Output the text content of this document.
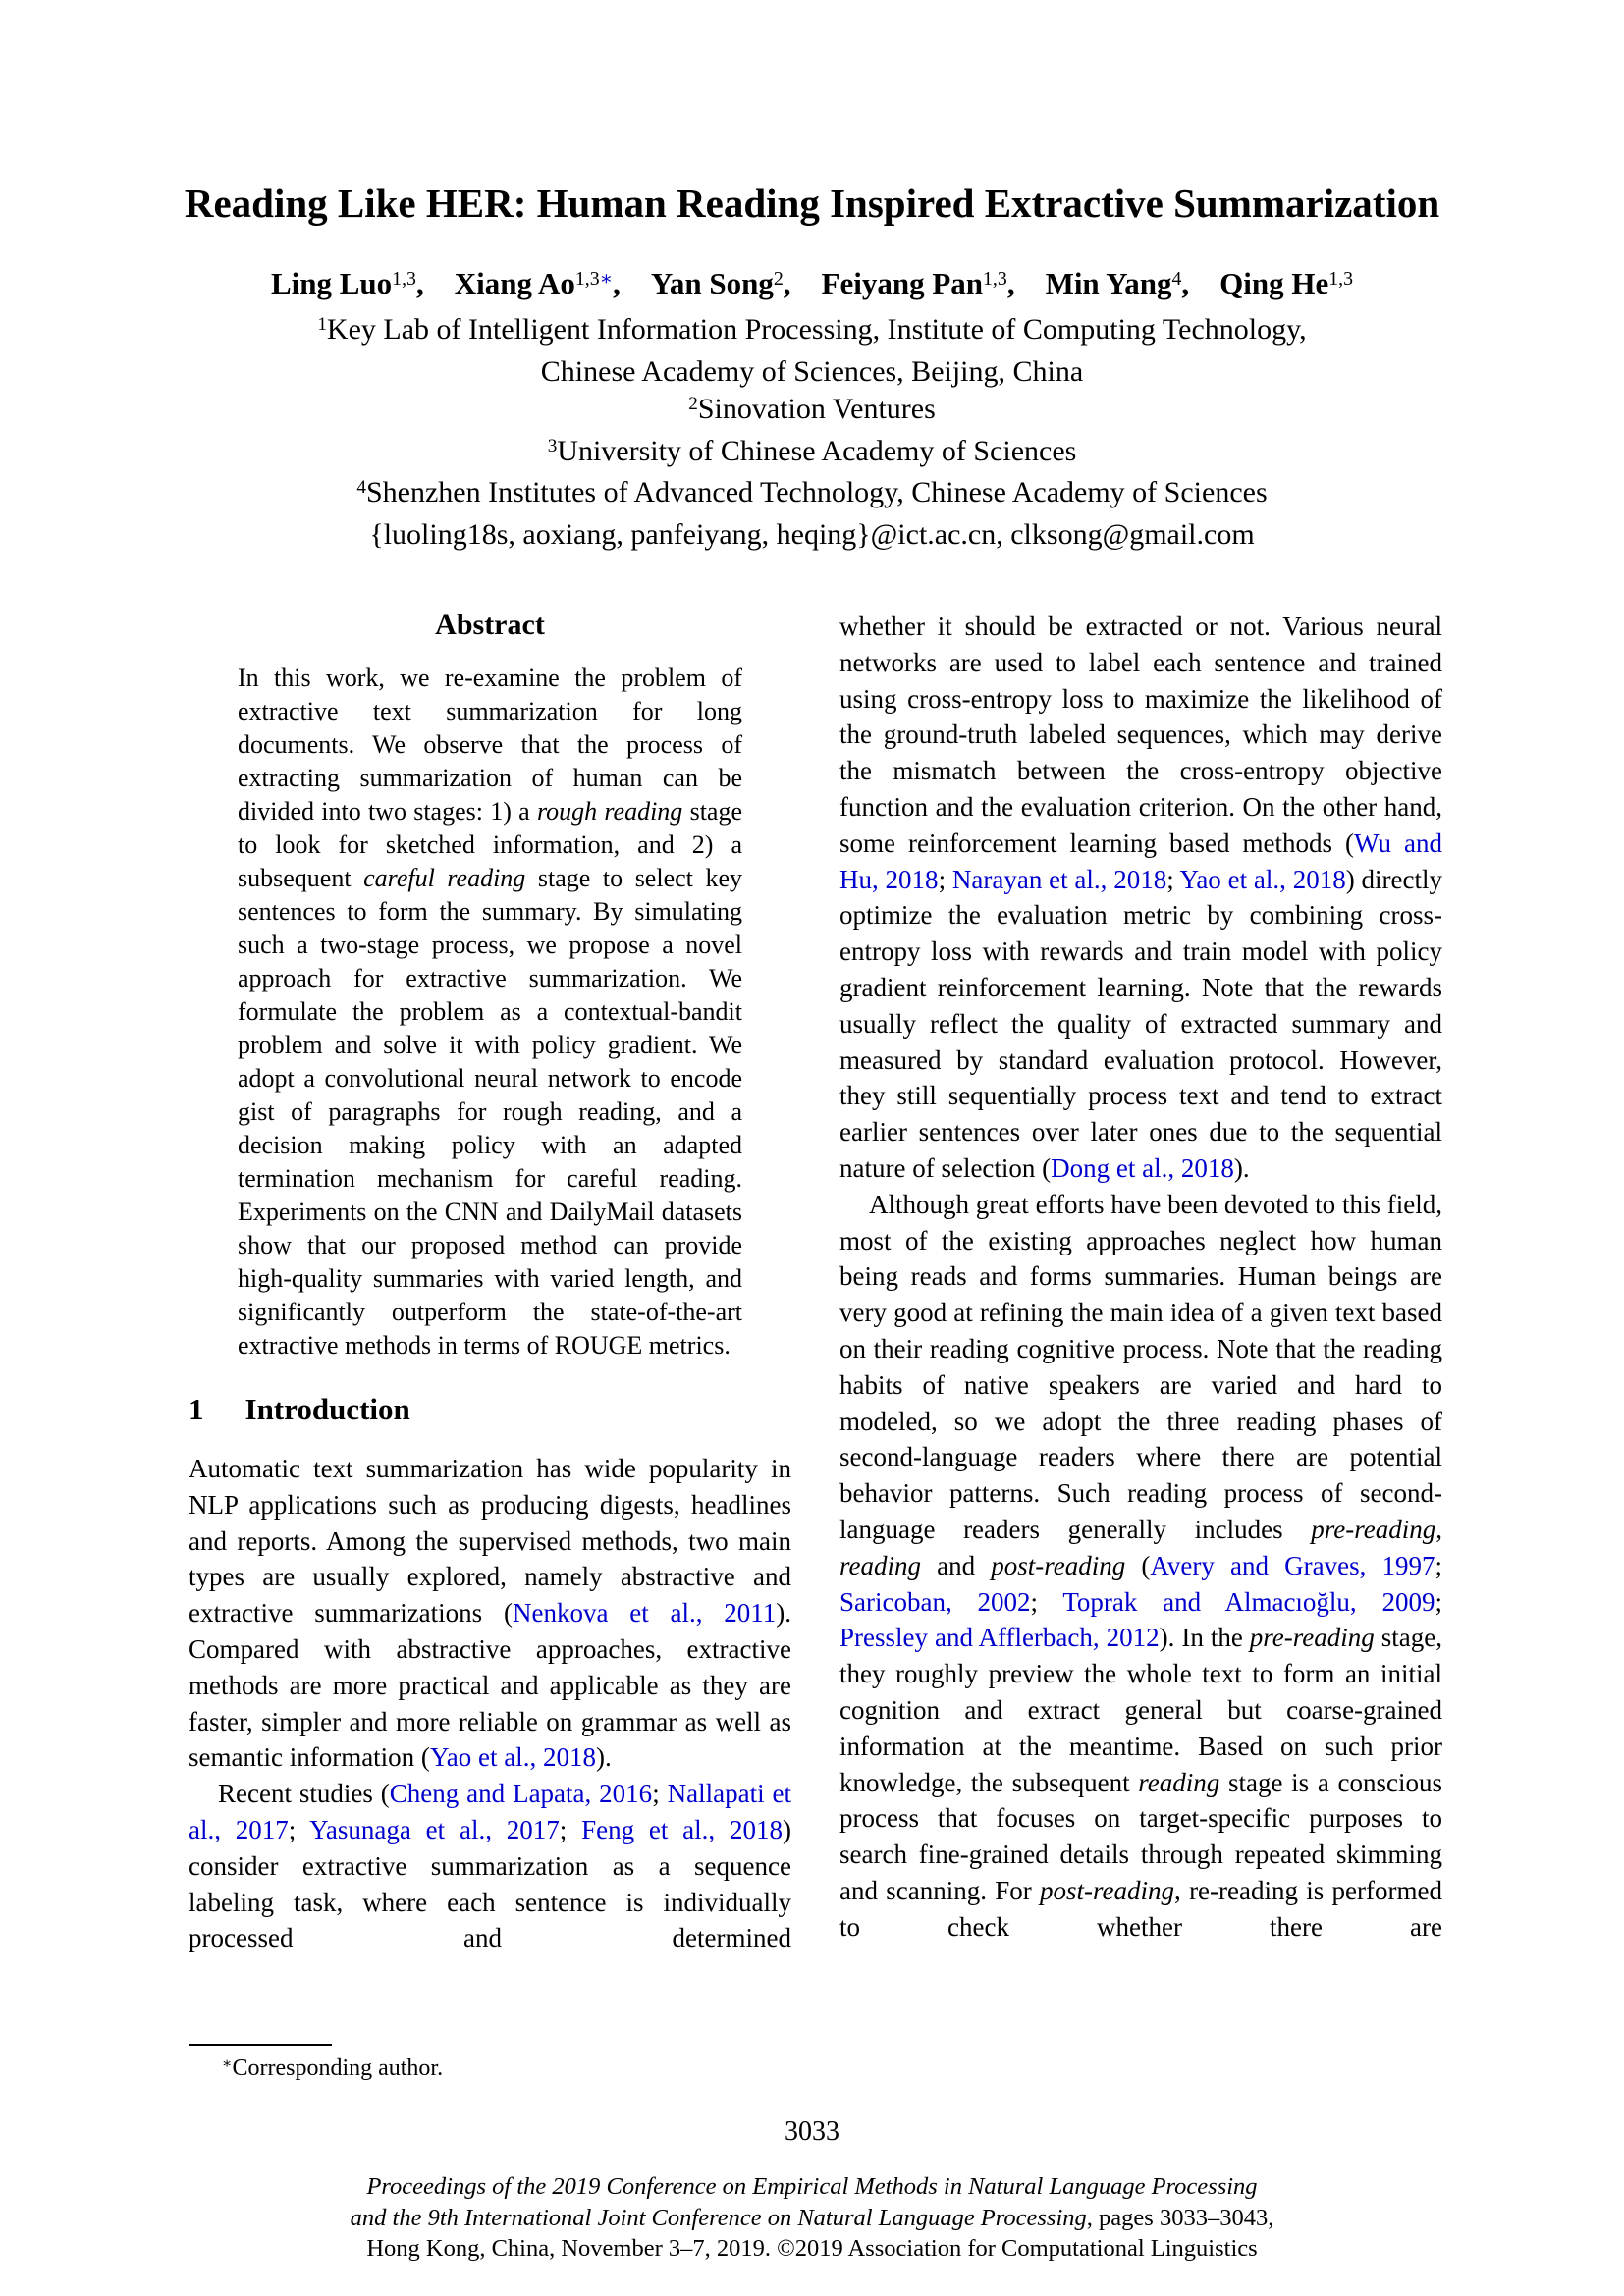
Reading Like HER: Human Reading Inspired Extractive Summarization
Ling Luo$^{1,3}$,  Xiang $Ao^{1,3∗}$,  Yan Song$^2$,  Feiyang Pan$^{1,3}$,  Min Yang$^4$,  Qing He$^{1,3}$
$^1$Key Lab of Intelligent Information Processing, Institute of Computing Technology,
Chinese Academy of Sciences, Beijing, China
$^2$Sinovation Ventures
$^3$University of Chinese Academy of Sciences
$^4$Shenzhen Institutes of Advanced Technology, Chinese Academy of Sciences
{luoling18s, aoxiang, panfeiyang, heqing}@ict.ac.cn, clksong@gmail.com
Abstract

In this work, we re-examine the problem of extractive text summarization for long documents. We observe that the process of extracting summarization of human can be divided into two stages: 1) a rough reading stage to look for sketched information, and 2) a subsequent careful reading stage to select key sentences to form the summary. By simulating such a two-stage process, we propose a novel approach for extractive summarization. We formulate the problem as a contextual-bandit problem and solve it with policy gradient. We adopt a convolutional neural network to encode gist of paragraphs for rough reading, and a decision making policy with an adapted termination mechanism for careful reading. Experiments on the CNN and DailyMail datasets show that our proposed method can provide high-quality summaries with varied length, and significantly outperform the state-of-the-art extractive methods in terms of ROUGE metrics.

1 Introduction

Automatic text summarization has wide popularity in NLP applications such as producing digests, headlines and reports. Among the supervised methods, two main types are usually explored, namely abstractive and extractive summarizations (Nenkova et al., 2011). Compared with abstractive approaches, extractive methods are more practical and applicable as they are faster, simpler and more reliable on grammar as well as semantic information (Yao et al., 2018).

Recent studies (Cheng and Lapata, 2016; Nallapati et al., 2017; Yasunaga et al., 2017; Feng et al., 2018) consider extractive summarization as a sequence labeling task, where each sentence is individually processed and determined

whether it should be extracted or not. Various neural networks are used to label each sentence and trained using cross-entropy loss to maximize the likelihood of the ground-truth labeled sequences, which may derive the mismatch between the cross-entropy objective function and the evaluation criterion. On the other hand, some reinforcement learning based methods (Wu and Hu, 2018; Narayan et al., 2018; Yao et al., 2018) directly optimize the evaluation metric by combining cross-entropy loss with rewards and train model with policy gradient reinforcement learning. Note that the rewards usually reflect the quality of extracted summary and measured by standard evaluation protocol. However, they still sequentially process text and tend to extract earlier sentences over later ones due to the sequential nature of selection (Dong et al., 2018).

Although great efforts have been devoted to this field, most of the existing approaches neglect how human being reads and forms summaries. Human beings are very good at refining the main idea of a given text based on their reading cognitive process. Note that the reading habits of native speakers are varied and hard to modeled, so we adopt the three reading phases of second-language readers where there are potential behavior patterns. Such reading process of second-language readers generally includes pre-reading, reading and post-reading (Avery and Graves, 1997; Saricoban, 2002; Toprak and Almacıoğlu, 2009; Pressley and Afflerbach, 2012). In the pre-reading stage, they roughly preview the whole text to form an initial cognition and extract general but coarse-grained information at the meantime. Based on such prior knowledge, the subsequent reading stage is a conscious process that focuses on target-specific purposes to search fine-grained details through repeated skimming and scanning. For post-reading, re-reading is performed to check whether there are

∗Corresponding author.
3033
Proceedings of the 2019 Conference on Empirical Methods in Natural Language Processing
and the 9th International Joint Conference on Natural Language Processing, pages 3033–3043,
Hong Kong, China, November 3–7, 2019. ©2019 Association for Computational Linguistics
